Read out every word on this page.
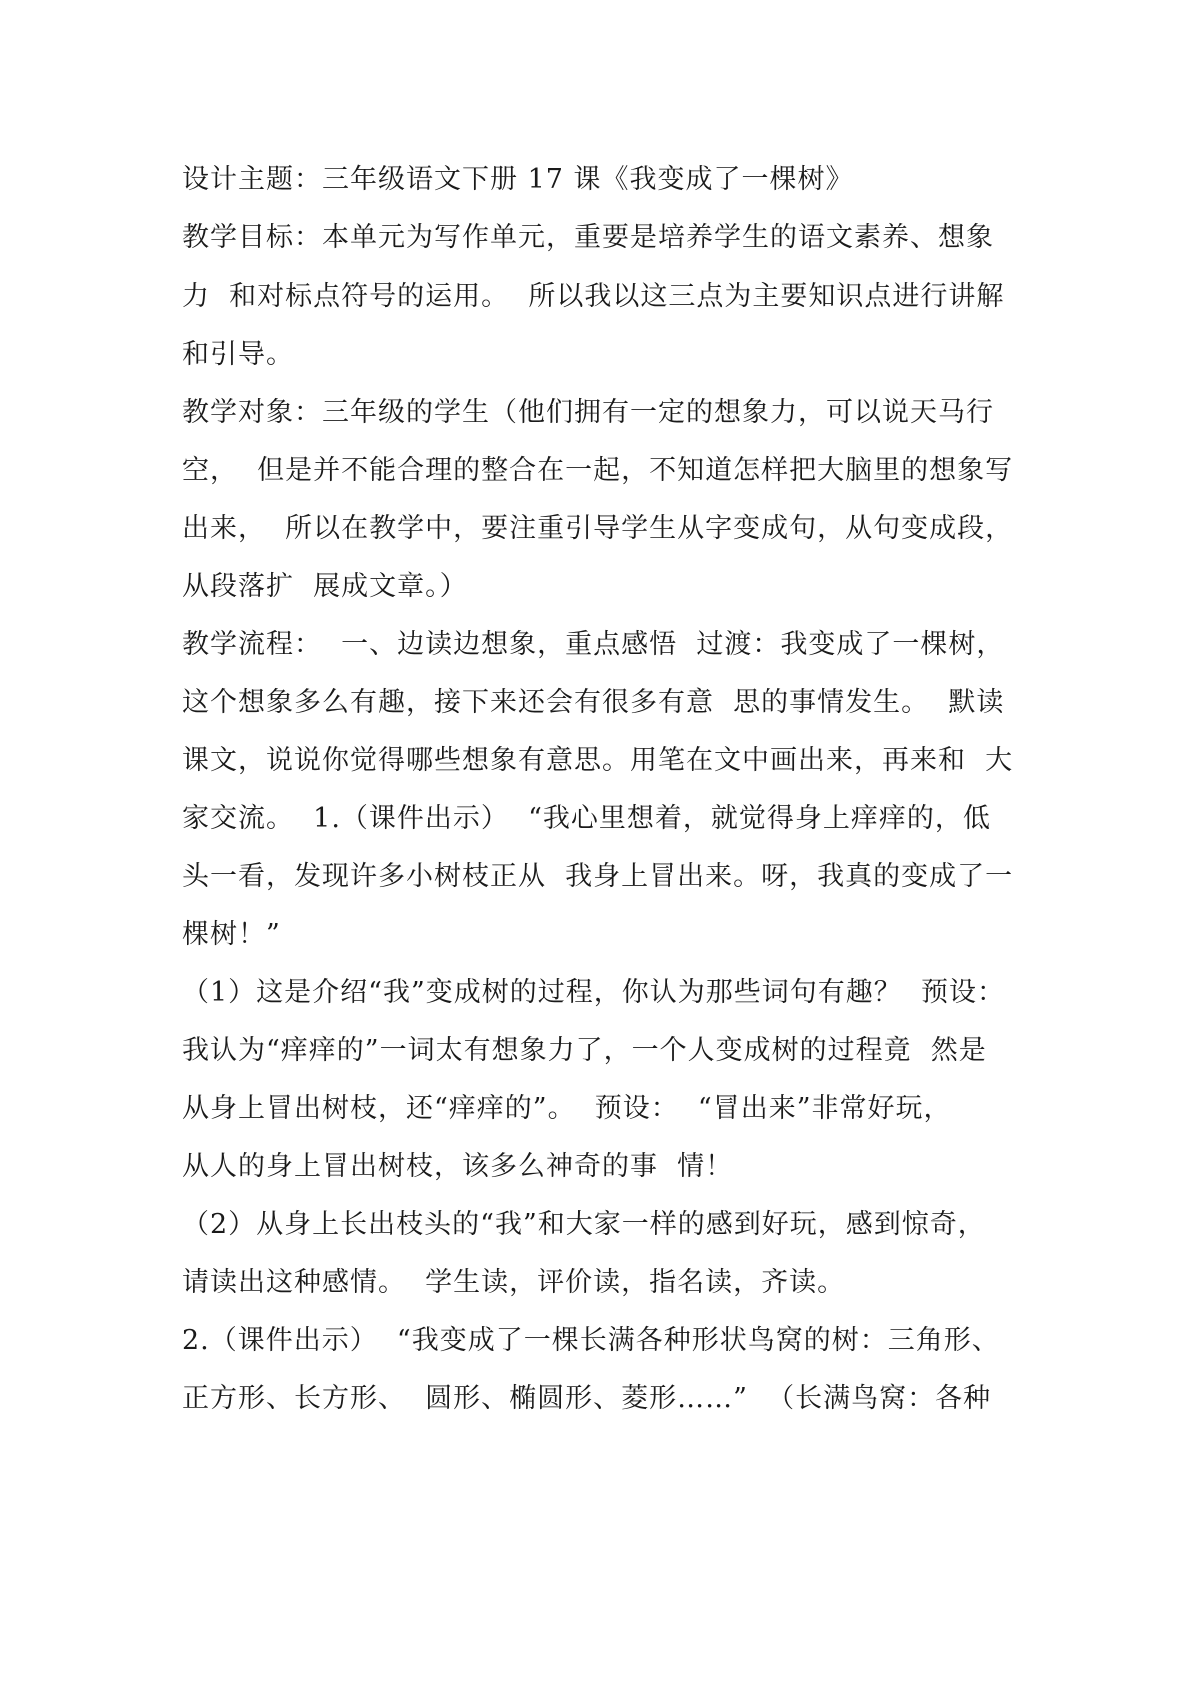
设计主题：三年级语文下册 17 课《我变成了一棵树》
教学目标：本单元为写作单元，重要是培养学生的语文素养、想象
力  和对标点符号的运用。  所以我以这三点为主要知识点进行讲解
和引导。
教学对象：三年级的学生（他们拥有一定的想象力，可以说天马行
空，  但是并不能合理的整合在一起，不知道怎样把大脑里的想象写
出来，  所以在教学中，要注重引导学生从字变成句，从句变成段，
从段落扩  展成文章。）
教学流程：  一、边读边想象，重点感悟  过渡：我变成了一棵树，
这个想象多么有趣，接下来还会有很多有意  思的事情发生。  默读
课文，说说你觉得哪些想象有意思。用笔在文中画出来，再来和  大
家交流。  1.（课件出示）  “我心里想着，就觉得身上痒痒的，低
头一看，发现许多小树枝正从  我身上冒出来。呀，我真的变成了一
棵树！”
（1）这是介绍“我”变成树的过程，你认为那些词句有趣？  预设：
我认为“痒痒的”一词太有想象力了，一个人变成树的过程竟  然是
从身上冒出树枝，还“痒痒的”。  预设：  “冒出来”非常好玩，
从人的身上冒出树枝，该多么神奇的事  情！
（2）从身上长出枝头的“我”和大家一样的感到好玩，感到惊奇，
请读出这种感情。  学生读，评价读，指名读，齐读。
2.（课件出示）  “我变成了一棵长满各种形状鸟窝的树：三角形、
正方形、长方形、  圆形、椭圆形、菱形……”  （长满鸟窝：各种
